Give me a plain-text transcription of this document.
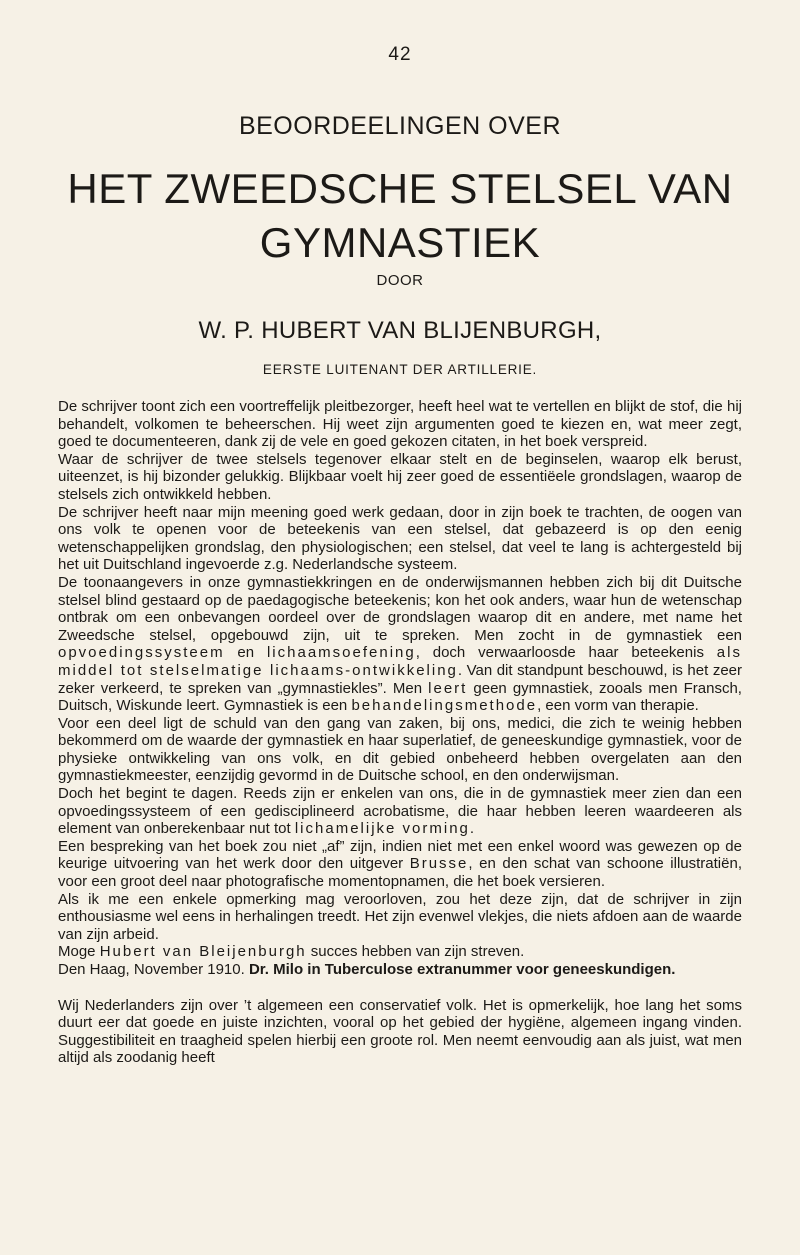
42
BEOORDEELINGEN OVER
HET ZWEEDSCHE STELSEL VAN
GYMNASTIEK
DOOR
W. P. HUBERT VAN BLIJENBURGH,
EERSTE LUITENANT DER ARTILLERIE.

De schrijver toont zich een voortreffelijk pleitbezorger, heeft heel wat te vertellen en blijkt de stof, die hij behandelt, volkomen te beheerschen. Hij weet zijn argumenten goed te kiezen en, wat meer zegt, goed te documenteeren, dank zij de vele en goed gekozen citaten, in het boek verspreid.

Waar de schrijver de twee stelsels tegenover elkaar stelt en de beginselen, waarop elk berust, uiteenzet, is hij bizonder gelukkig. Blijkbaar voelt hij zeer goed de essentiëele grondslagen, waarop de stelsels zich ontwikkeld hebben.

De schrijver heeft naar mijn meening goed werk gedaan, door in zijn boek te trachten, de oogen van ons volk te openen voor de beteekenis van een stelsel, dat gebazeerd is op den eenig wetenschappelijken grondslag, den physiologischen; een stelsel, dat veel te lang is achtergesteld bij het uit Duitschland ingevoerde z.g. Nederlandsche systeem.

De toonaangevers in onze gymnastiekkringen en de onderwijsmannen hebben zich bij dit Duitsche stelsel blind gestaard op de paedagogische beteekenis; kon het ook anders, waar hun de wetenschap ontbrak om een onbevangen oordeel over de grondslagen waarop dit en andere, met name het Zweedsche stelsel, opgebouwd zijn, uit te spreken. Men zocht in de gymnastiek een opvoedingssysteem en lichaamsoefening, doch verwaarloosde haar beteekenis als middel tot stelselmatige lichaams-ontwikkeling. Van dit standpunt beschouwd, is het zeer zeker verkeerd, te spreken van „gymnastiekles”. Men leert geen gymnastiek, zooals men Fransch, Duitsch, Wiskunde leert. Gymnastiek is een behandelingsmethode, een vorm van therapie.

Voor een deel ligt de schuld van den gang van zaken, bij ons, medici, die zich te weinig hebben bekommerd om de waarde der gymnastiek en haar superlatief, de geneeskundige gymnastiek, voor de physieke ontwikkeling van ons volk, en dit gebied onbeheerd hebben overgelaten aan den gymnastiekmeester, eenzijdig gevormd in de Duitsche school, en den onderwijsman.

Doch het begint te dagen. Reeds zijn er enkelen van ons, die in de gymnastiek meer zien dan een opvoedingssysteem of een gedisciplineerd acrobatisme, die haar hebben leeren waardeeren als element van onberekenbaar nut tot lichamelijke vorming.

Een bespreking van het boek zou niet „af” zijn, indien niet met een enkel woord was gewezen op de keurige uitvoering van het werk door den uitgever Brusse, en den schat van schoone illustratiën, voor een groot deel naar photografische momentopnamen, die het boek versieren.

Als ik me een enkele opmerking mag veroorloven, zou het deze zijn, dat de schrijver in zijn enthousiasme wel eens in herhalingen treedt. Het zijn evenwel vlekjes, die niets afdoen aan de waarde van zijn arbeid.

Moge Hubert van Bleijenburgh succes hebben van zijn streven.

Den Haag, November 1910. Dr. Milo in Tuberculose extranummer voor geneeskundigen.

Wij Nederlanders zijn over ’t algemeen een conservatief volk. Het is opmerkelijk, hoe lang het soms duurt eer dat goede en juiste inzichten, vooral op het gebied der hygiëne, algemeen ingang vinden. Suggestibiliteit en traagheid spelen hierbij een groote rol. Men neemt eenvoudig aan als juist, wat men altijd als zoodanig heeft
